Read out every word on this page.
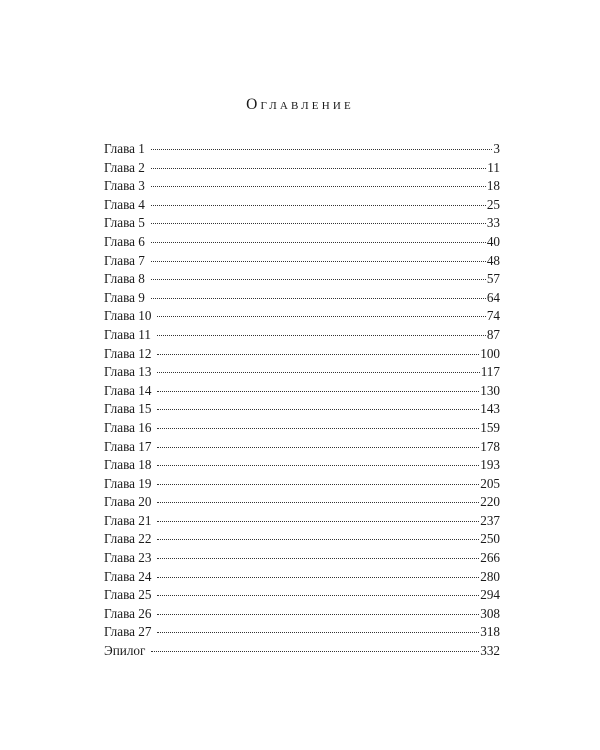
Оглавление
Глава 1	3
Глава 2	11
Глава 3	18
Глава 4	25
Глава 5	33
Глава 6	40
Глава 7	48
Глава 8	57
Глава 9	64
Глава 10	74
Глава 11	87
Глава 12	100
Глава 13	117
Глава 14	130
Глава 15	143
Глава 16	159
Глава 17	178
Глава 18	193
Глава 19	205
Глава 20	220
Глава 21	237
Глава 22	250
Глава 23	266
Глава 24	280
Глава 25	294
Глава 26	308
Глава 27	318
Эпилог	332
